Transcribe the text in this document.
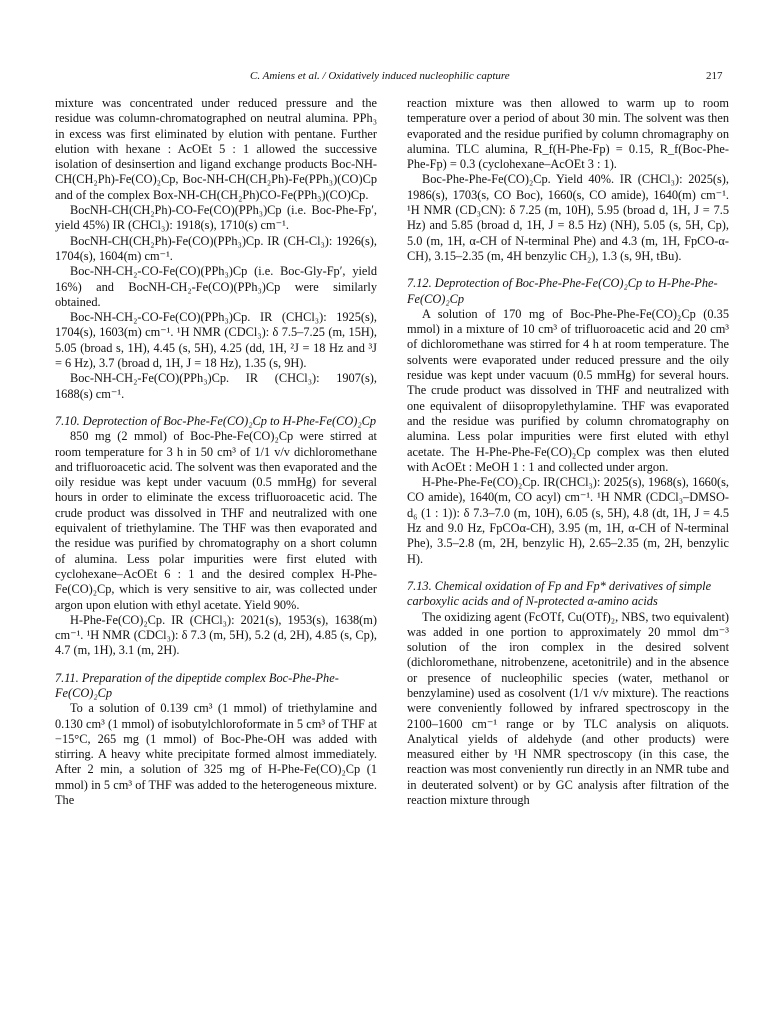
C. Amiens et al. / Oxidatively induced nucleophilic capture	217

mixture was concentrated under reduced pressure and the residue was column-chromatographed on neutral alumina. PPh₃ in excess was first eliminated by elution with pentane. Further elution with hexane : AcOEt 5 : 1 allowed the successive isolation of desinsertion and ligand exchange products Boc-NH-CH(CH₂Ph)-Fe(CO)₂Cp, Boc-NH-CH(CH₂Ph)-Fe(PPh₃)(CO)Cp and of the complex Box-NH-CH(CH₂Ph)CO-Fe(PPh₃)(CO)Cp.

BocNH-CH(CH₂Ph)-CO-Fe(CO)(PPh₃)Cp (i.e. Boc-Phe-Fp′, yield 45%) IR (CHCl₃): 1918(s), 1710(s) cm⁻¹.

BocNH-CH(CH₂Ph)-Fe(CO)(PPh₃)Cp. IR (CH-Cl₃): 1926(s), 1704(s), 1604(m) cm⁻¹.

Boc-NH-CH₂-CO-Fe(CO)(PPh₃)Cp (i.e. Boc-Gly-Fp′, yield 16%) and BocNH-CH₂-Fe(CO)(PPh₃)Cp were similarly obtained.

Boc-NH-CH₂-CO-Fe(CO)(PPh₃)Cp. IR (CHCl₃): 1925(s), 1704(s), 1603(m) cm⁻¹. ¹H NMR (CDCl₃): δ 7.5–7.25 (m, 15H), 5.05 (broad s, 1H), 4.45 (s, 5H), 4.25 (dd, 1H, ²J = 18 Hz and ³J = 6 Hz), 3.7 (broad d, 1H, J = 18 Hz), 1.35 (s, 9H).

Boc-NH-CH₂-Fe(CO)(PPh₃)Cp. IR (CHCl₃): 1907(s), 1688(s) cm⁻¹.

7.10. Deprotection of Boc-Phe-Fe(CO)₂Cp to H-Phe-Fe(CO)₂Cp

850 mg (2 mmol) of Boc-Phe-Fe(CO)₂Cp were stirred at room temperature for 3 h in 50 cm³ of 1/1 v/v dichloromethane and trifluoroacetic acid. The solvent was then evaporated and the oily residue was kept under vacuum (0.5 mmHg) for several hours in order to eliminate the excess trifluoroacetic acid. The crude product was dissolved in THF and neutralized with one equivalent of triethylamine. The THF was then evaporated and the residue was purified by chromatography on a short column of alumina. Less polar impurities were first eluted with cyclohexane–AcOEt 6 : 1 and the desired complex H-Phe-Fe(CO)₂Cp, which is very sensitive to air, was collected under argon upon elution with ethyl acetate. Yield 90%.

H-Phe-Fe(CO)₂Cp. IR (CHCl₃): 2021(s), 1953(s), 1638(m) cm⁻¹. ¹H NMR (CDCl₃): δ 7.3 (m, 5H), 5.2 (d, 2H), 4.85 (s, Cp), 4.7 (m, 1H), 3.1 (m, 2H).

7.11. Preparation of the dipeptide complex Boc-Phe-Phe-Fe(CO)₂Cp

To a solution of 0.139 cm³ (1 mmol) of triethylamine and 0.130 cm³ (1 mmol) of isobutylchloroformate in 5 cm³ of THF at −15°C, 265 mg (1 mmol) of Boc-Phe-OH was added with stirring. A heavy white precipitate formed almost immediately. After 2 min, a solution of 325 mg of H-Phe-Fe(CO)₂Cp (1 mmol) in 5 cm³ of THF was added to the heterogeneous mixture. The

reaction mixture was then allowed to warm up to room temperature over a period of about 30 min. The solvent was then evaporated and the residue purified by column chromagraphy on alumina. TLC alumina, R_f(H-Phe-Fp) = 0.15, R_f(Boc-Phe-Phe-Fp) = 0.3 (cyclohexane–AcOEt 3 : 1).

Boc-Phe-Phe-Fe(CO)₂Cp. Yield 40%. IR (CHCl₃): 2025(s), 1986(s), 1703(s, CO Boc), 1660(s, CO amide), 1640(m) cm⁻¹. ¹H NMR (CD₃CN): δ 7.25 (m, 10H), 5.95 (broad d, 1H, J = 7.5 Hz) and 5.85 (broad d, 1H, J = 8.5 Hz) (NH), 5.05 (s, 5H, Cp), 5.0 (m, 1H, α-CH of N-terminal Phe) and 4.3 (m, 1H, FpCO-α-CH), 3.15–2.35 (m, 4H benzylic CH₂), 1.3 (s, 9H, tBu).

7.12. Deprotection of Boc-Phe-Phe-Fe(CO)₂Cp to H-Phe-Phe-Fe(CO)₂Cp

A solution of 170 mg of Boc-Phe-Phe-Fe(CO)₂Cp (0.35 mmol) in a mixture of 10 cm³ of trifluoroacetic acid and 20 cm³ of dichloromethane was stirred for 4 h at room temperature. The solvents were evaporated under reduced pressure and the oily residue was kept under vacuum (0.5 mmHg) for several hours. The crude product was dissolved in THF and neutralized with one equivalent of diisopropylethylamine. THF was evaporated and the residue was purified by column chromatography on alumina. Less polar impurities were first eluted with ethyl acetate. The H-Phe-Phe-Fe(CO)₂Cp complex was then eluted with AcOEt : MeOH 1 : 1 and collected under argon.

H-Phe-Phe-Fe(CO)₂Cp. IR(CHCl₃): 2025(s), 1968(s), 1660(s, CO amide), 1640(m, CO acyl) cm⁻¹. ¹H NMR (CDCl₃–DMSO-d₆ (1 : 1)): δ 7.3–7.0 (m, 10H), 6.05 (s, 5H), 4.8 (dt, 1H, J = 4.5 Hz and 9.0 Hz, FpCOα-CH), 3.95 (m, 1H, α-CH of N-terminal Phe), 3.5–2.8 (m, 2H, benzylic H), 2.65–2.35 (m, 2H, benzylic H).

7.13. Chemical oxidation of Fp and Fp* derivatives of simple carboxylic acids and of N-protected α-amino acids

The oxidizing agent (FcOTf, Cu(OTf)₂, NBS, two equivalent) was added in one portion to approximately 20 mmol dm⁻³ solution of the iron complex in the desired solvent (dichloromethane, nitrobenzene, acetonitrile) and in the absence or presence of nucleophilic species (water, methanol or benzylamine) used as cosolvent (1/1 v/v mixture). The reactions were conveniently followed by infrared spectroscopy in the 2100–1600 cm⁻¹ range or by TLC analysis on aliquots. Analytical yields of aldehyde (and other products) were measured either by ¹H NMR spectroscopy (in this case, the reaction was most conveniently run directly in an NMR tube and in deuterated solvent) or by GC analysis after filtration of the reaction mixture through
